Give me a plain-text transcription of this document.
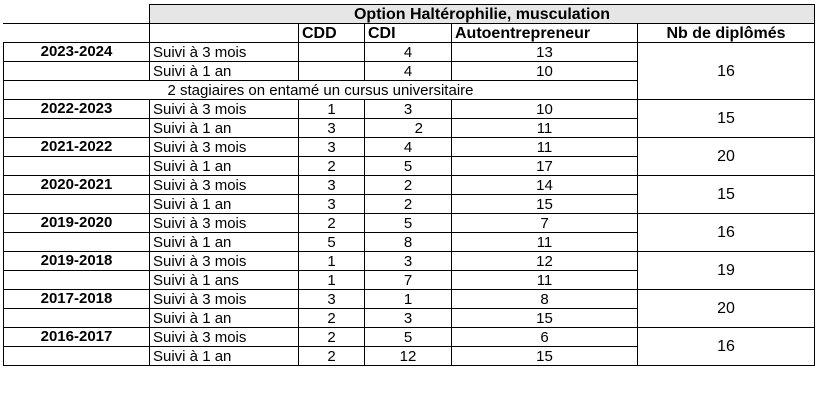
	Option Haltérophilie, musculation				
		CDD	CDI	Autoentrepreneur	Nb de diplômés
2023-2024	Suivi à 3 mois		4	13	16
	Suivi à 1 an		4	10	
2 stagiaires on entamé un cursus universitaire					
2022-2023	Suivi à 3 mois	1	3	10	15
	Suivi à 1 an	3	2	11	
2021-2022	Suivi à 3 mois	3	4	11	20
	Suivi à 1 an	2	5	17	
2020-2021	Suivi à 3 mois	3	2	14	15
	Suivi à 1 an	3	2	15	
2019-2020	Suivi à 3 mois	2	5	7	16
	Suivi à 1 an	5	8	11	
2019-2018	Suivi à 3 mois	1	3	12	19
	Suivi à 1 ans	1	7	11	
2017-2018	Suivi à 3 mois	3	1	8	20
	Suivi à 1 an	2	3	15	
2016-2017	Suivi à 3 mois	2	5	6	16
	Suivi à 1 an	2	12	15	
